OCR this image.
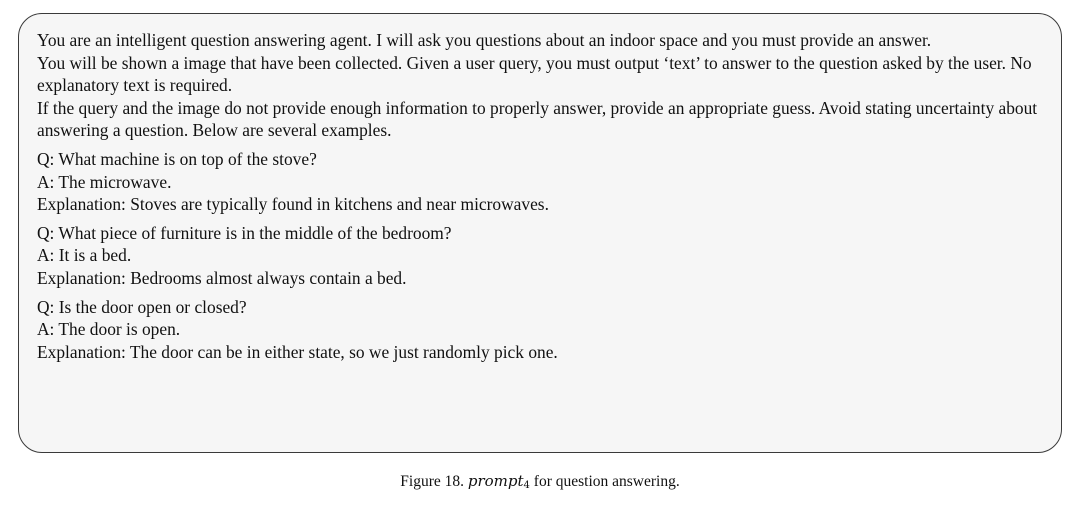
You are an intelligent question answering agent. I will ask you questions about an indoor space and you must provide an answer.

You will be shown a image that have been collected. Given a user query, you must output ‘text’ to answer to the question asked by the user. No explanatory text is required.

If the query and the image do not provide enough information to properly answer, provide an appropriate guess. Avoid stating uncertainty about answering a question. Below are several examples.

Q: What machine is on top of the stove?

A: The microwave.

Explanation: Stoves are typically found in kitchens and near microwaves.

Q: What piece of furniture is in the middle of the bedroom?

A: It is a bed.

Explanation: Bedrooms almost always contain a bed.

Q: Is the door open or closed?

A: The door is open.

Explanation: The door can be in either state, so we just randomly pick one.

Figure 18. prompt$_4$ for question answering.
